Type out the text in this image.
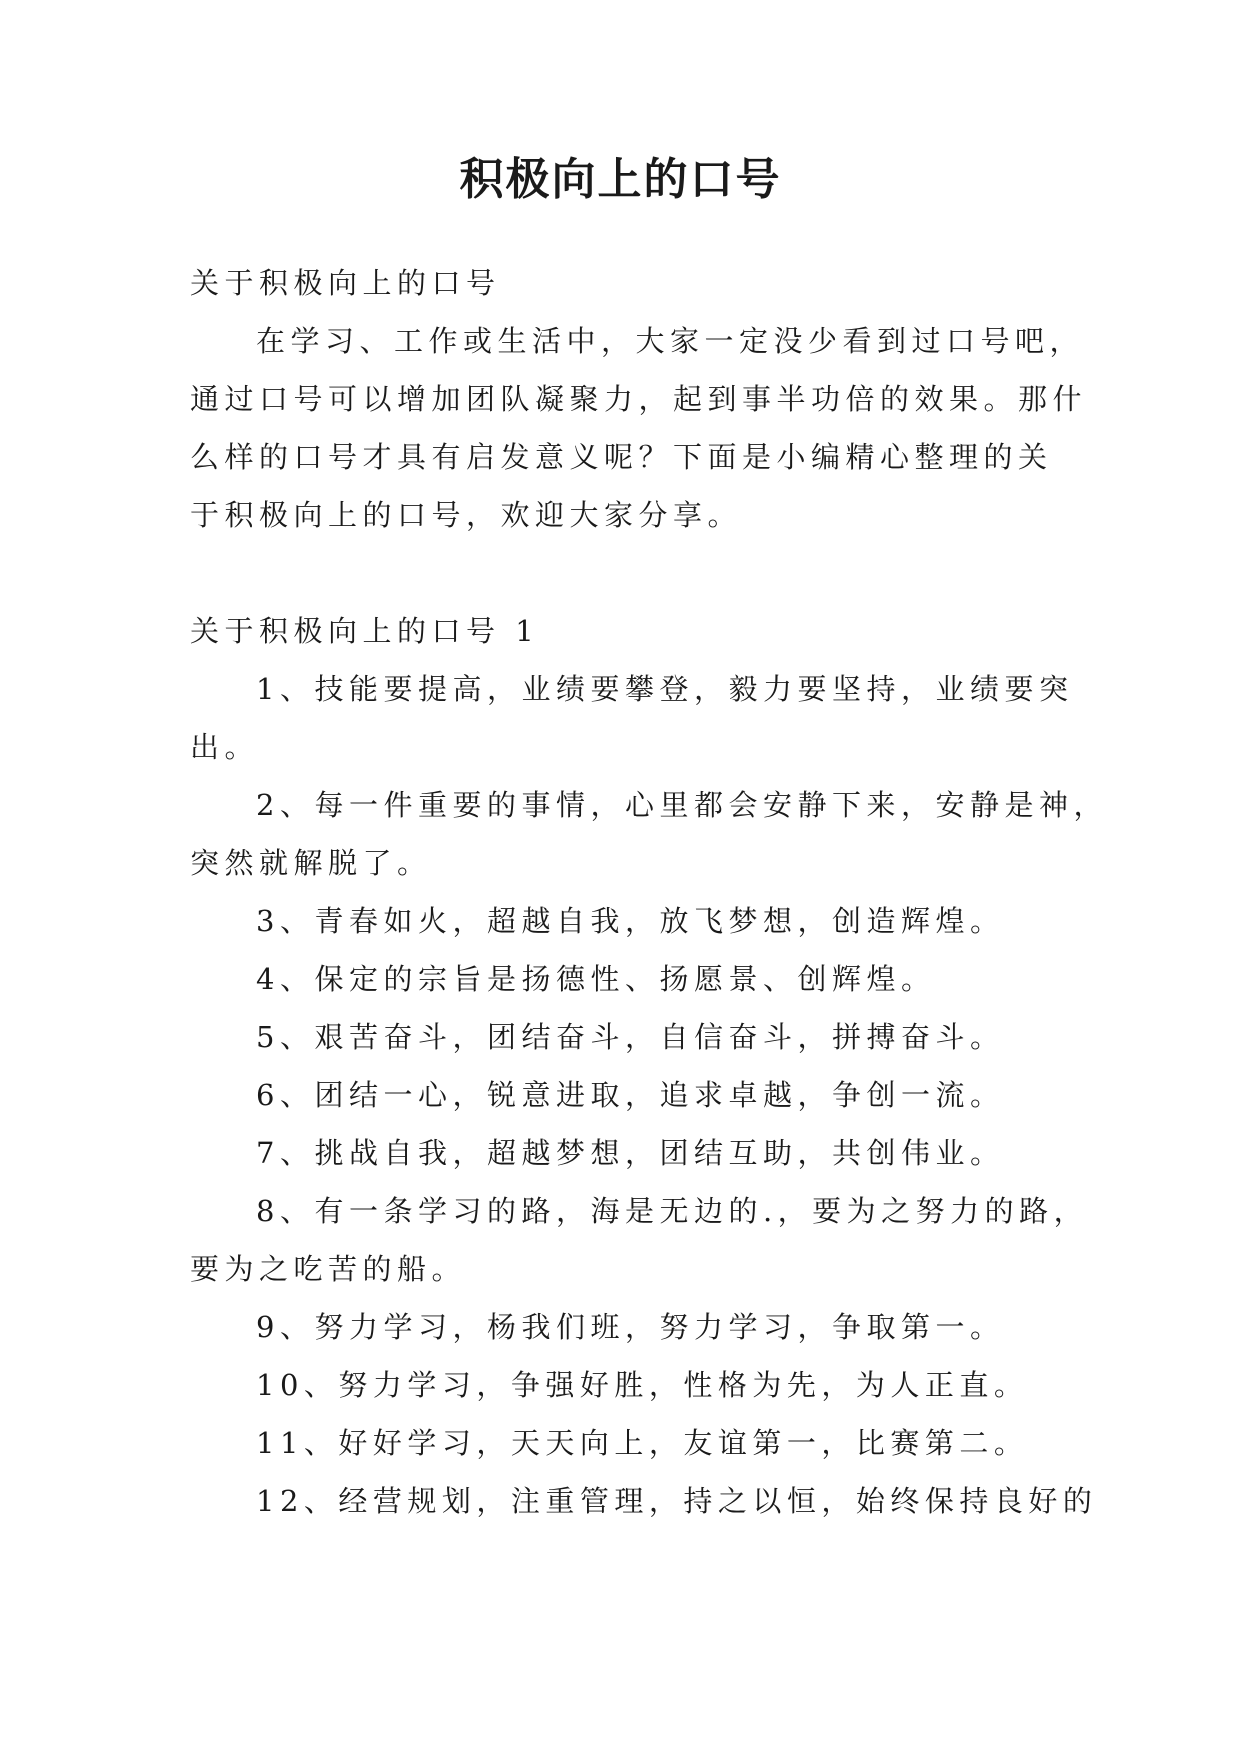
积极向上的口号
关于积极向上的口号
在学习、工作或生活中，大家一定没少看到过口号吧，
通过口号可以增加团队凝聚力，起到事半功倍的效果。那什
么样的口号才具有启发意义呢？下面是小编精心整理的关
于积极向上的口号，欢迎大家分享。
关于积极向上的口号 1
1、技能要提高，业绩要攀登，毅力要坚持，业绩要突
出。
2、每一件重要的事情，心里都会安静下来，安静是神，
突然就解脱了。
3、青春如火，超越自我，放飞梦想，创造辉煌。
4、保定的宗旨是扬德性、扬愿景、创辉煌。
5、艰苦奋斗，团结奋斗，自信奋斗，拼搏奋斗。
6、团结一心，锐意进取，追求卓越，争创一流。
7、挑战自我，超越梦想，团结互助，共创伟业。
8、有一条学习的路，海是无边的.，要为之努力的路，
要为之吃苦的船。
9、努力学习，杨我们班，努力学习，争取第一。
10、努力学习，争强好胜，性格为先，为人正直。
11、好好学习，天天向上，友谊第一，比赛第二。
12、经营规划，注重管理，持之以恒，始终保持良好的
